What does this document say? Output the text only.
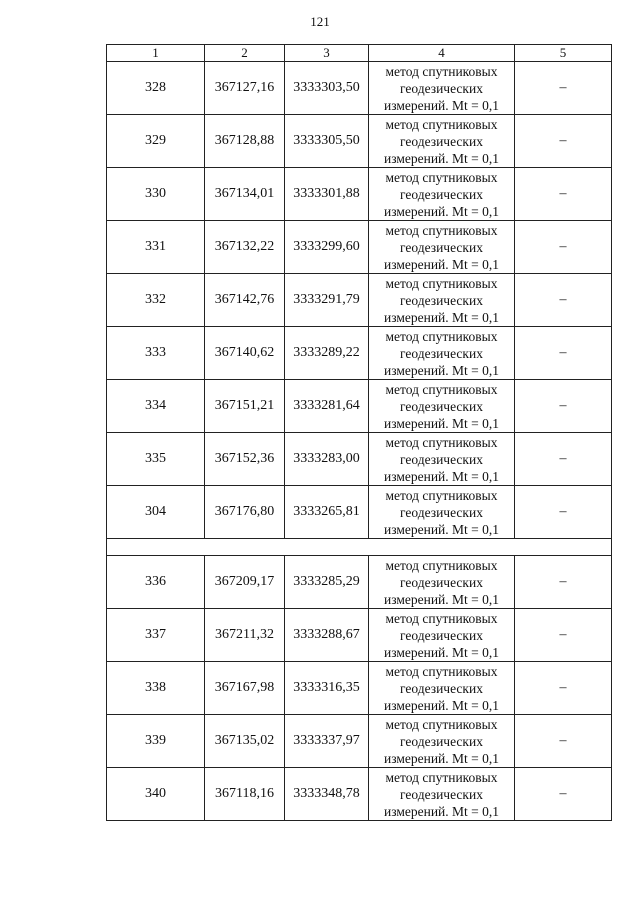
121
1	2	3	4	5
328	367127,16	3333303,50	метод спутниковых
геодезических
измерений. Mt = 0,1	–
329	367128,88	3333305,50	метод спутниковых
геодезических
измерений. Mt = 0,1	–
330	367134,01	3333301,88	метод спутниковых
геодезических
измерений. Mt = 0,1	–
331	367132,22	3333299,60	метод спутниковых
геодезических
измерений. Mt = 0,1	–
332	367142,76	3333291,79	метод спутниковых
геодезических
измерений. Mt = 0,1	–
333	367140,62	3333289,22	метод спутниковых
геодезических
измерений. Mt = 0,1	–
334	367151,21	3333281,64	метод спутниковых
геодезических
измерений. Mt = 0,1	–
335	367152,36	3333283,00	метод спутниковых
геодезических
измерений. Mt = 0,1	–
304	367176,80	3333265,81	метод спутниковых
геодезических
измерений. Mt = 0,1	–

336	367209,17	3333285,29	метод спутниковых
геодезических
измерений. Mt = 0,1	–
337	367211,32	3333288,67	метод спутниковых
геодезических
измерений. Mt = 0,1	–
338	367167,98	3333316,35	метод спутниковых
геодезических
измерений. Mt = 0,1	–
339	367135,02	3333337,97	метод спутниковых
геодезических
измерений. Mt = 0,1	–
340	367118,16	3333348,78	метод спутниковых
геодезических
измерений. Mt = 0,1	–
